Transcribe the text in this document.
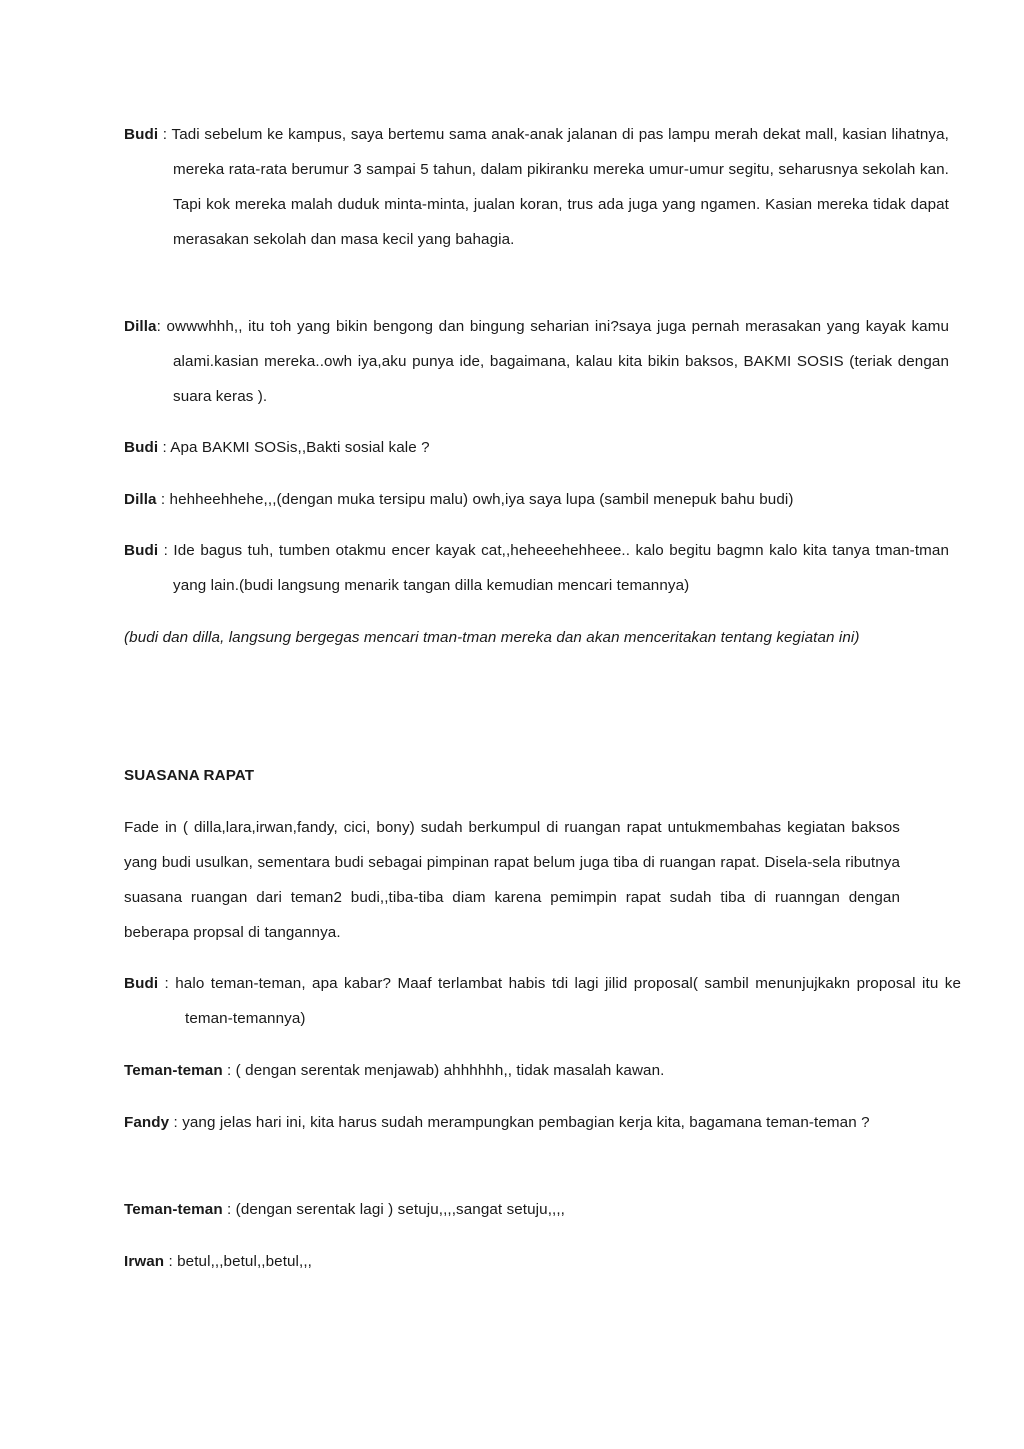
Budi : Tadi sebelum ke kampus, saya bertemu sama anak-anak jalanan di pas lampu merah dekat mall, kasian lihatnya, mereka rata-rata berumur 3 sampai 5 tahun, dalam pikiranku mereka umur-umur segitu, seharusnya sekolah kan. Tapi kok mereka malah duduk minta-minta, jualan koran, trus ada juga yang ngamen. Kasian mereka tidak dapat merasakan sekolah dan masa kecil yang bahagia.

Dilla: owwwhhh,, itu toh yang bikin bengong dan bingung seharian ini?saya juga pernah merasakan yang kayak kamu alami.kasian mereka..owh iya,aku punya ide, bagaimana, kalau kita bikin baksos, BAKMI SOSIS (teriak dengan suara keras ).

Budi : Apa BAKMI SOSis,,Bakti sosial kale ?

Dilla : hehheehhehe,,,(dengan muka tersipu malu) owh,iya saya lupa (sambil menepuk bahu budi)

Budi : Ide bagus tuh, tumben otakmu encer kayak cat,,heheeehehheee.. kalo begitu bagmn kalo kita tanya tman-tman yang lain.(budi langsung menarik tangan dilla kemudian mencari temannya)

(budi dan dilla, langsung bergegas mencari tman-tman mereka dan akan menceritakan tentang kegiatan ini)

SUASANA RAPAT

Fade in ( dilla,lara,irwan,fandy, cici, bony) sudah berkumpul di ruangan rapat untukmembahas kegiatan baksos yang budi usulkan, sementara budi sebagai pimpinan rapat belum juga tiba di ruangan rapat. Disela-sela ributnya suasana ruangan dari teman2 budi,,tiba-tiba diam karena pemimpin rapat sudah tiba di ruanngan dengan beberapa propsal di tangannya.

Budi : halo teman-teman, apa kabar? Maaf terlambat habis tdi lagi jilid proposal( sambil menunjujkakn proposal itu ke teman-temannya)

Teman-teman : ( dengan serentak menjawab) ahhhhhh,, tidak masalah kawan.

Fandy : yang jelas hari ini, kita harus sudah merampungkan pembagian kerja kita, bagamana teman-teman ?

Teman-teman : (dengan serentak lagi ) setuju,,,,sangat setuju,,,,

Irwan : betul,,,betul,,betul,,,
